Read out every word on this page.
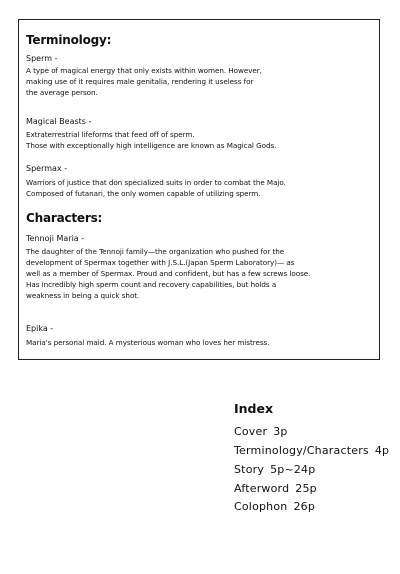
Terminology:
Sperm -
A type of magical energy that only exists within women. However,
making use of it requires male genitalia, rendering it useless for
the average person.
Magical Beasts -
Extraterrestrial lifeforms that feed off of sperm.
Those with exceptionally high intelligence are known as Magical Gods.
Spermax -
Warriors of justice that don specialized suits in order to combat the Majo.
Composed of futanari, the only women capable of utilizing sperm.
Characters:
Tennoji Maria -
The daughter of the Tennoji family—the organization who pushed for the
development of Spermax together with J.S.L.(Japan Sperm Laboratory)— as
well as a member of Spermax. Proud and confident, but has a few screws loose.
Has incredibly high sperm count and recovery capabilities, but holds a
weakness in being a quick shot.
Epika -
Maria's personal maid. A mysterious woman who loves her mistress.
Index
Cover 3p
Terminology/Characters 4p
Story 5p~24p
Afterword 25p
Colophon 26p
